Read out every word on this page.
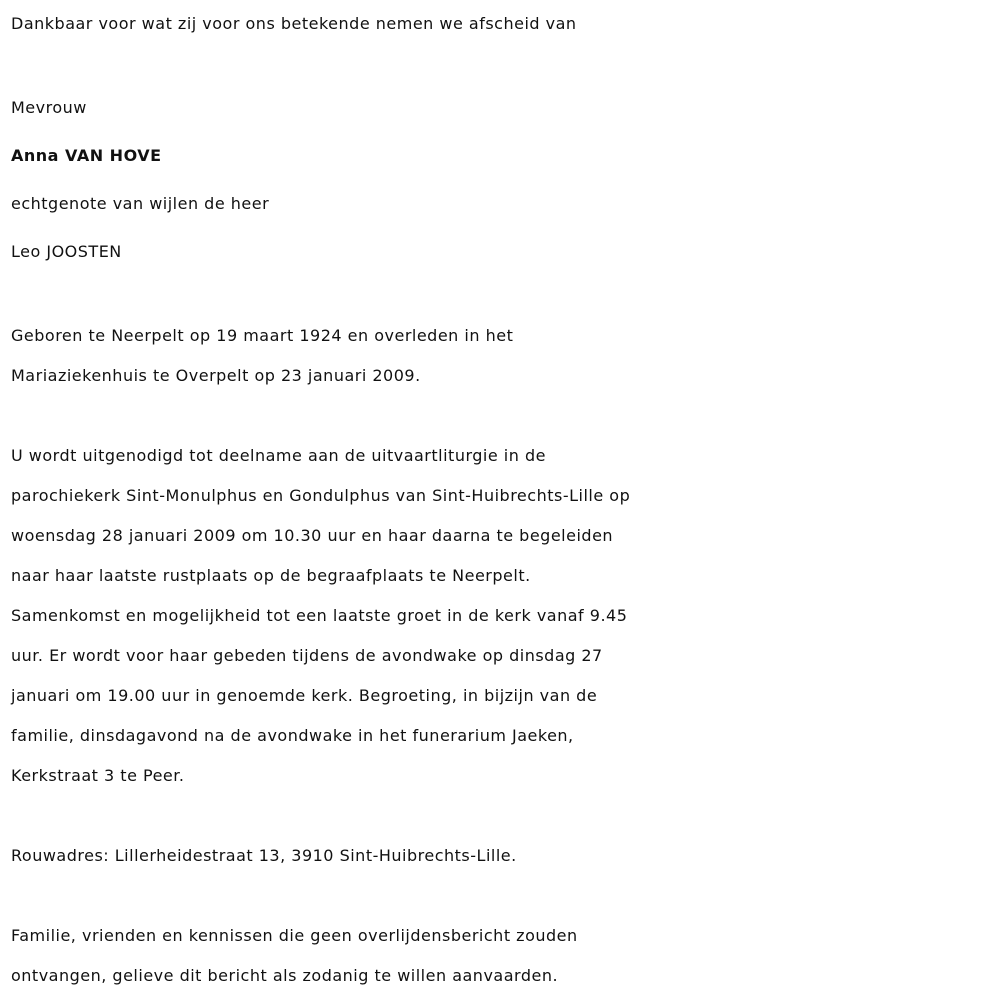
Dankbaar voor wat zij voor ons betekende nemen we afscheid van
Mevrouw
Anna VAN HOVE
echtgenote van wijlen de heer
Leo JOOSTEN
Geboren te Neerpelt op 19 maart 1924 en overleden in het
Mariaziekenhuis te Overpelt op 23 januari 2009.
U wordt uitgenodigd tot deelname aan de uitvaartliturgie in de
parochiekerk Sint-Monulphus en Gondulphus van Sint-Huibrechts-Lille op
woensdag 28 januari 2009 om 10.30 uur en haar daarna te begeleiden
naar haar laatste rustplaats op de begraafplaats te Neerpelt.
Samenkomst en mogelijkheid tot een laatste groet in de kerk vanaf 9.45
uur. Er wordt voor haar gebeden tijdens de avondwake op dinsdag 27
januari om 19.00 uur in genoemde kerk. Begroeting, in bijzijn van de
familie, dinsdagavond na de avondwake in het funerarium Jaeken,
Kerkstraat 3 te Peer.
Rouwadres: Lillerheidestraat 13, 3910 Sint-Huibrechts-Lille.
Familie, vrienden en kennissen die geen overlijdensbericht zouden
ontvangen, gelieve dit bericht als zodanig te willen aanvaarden.
